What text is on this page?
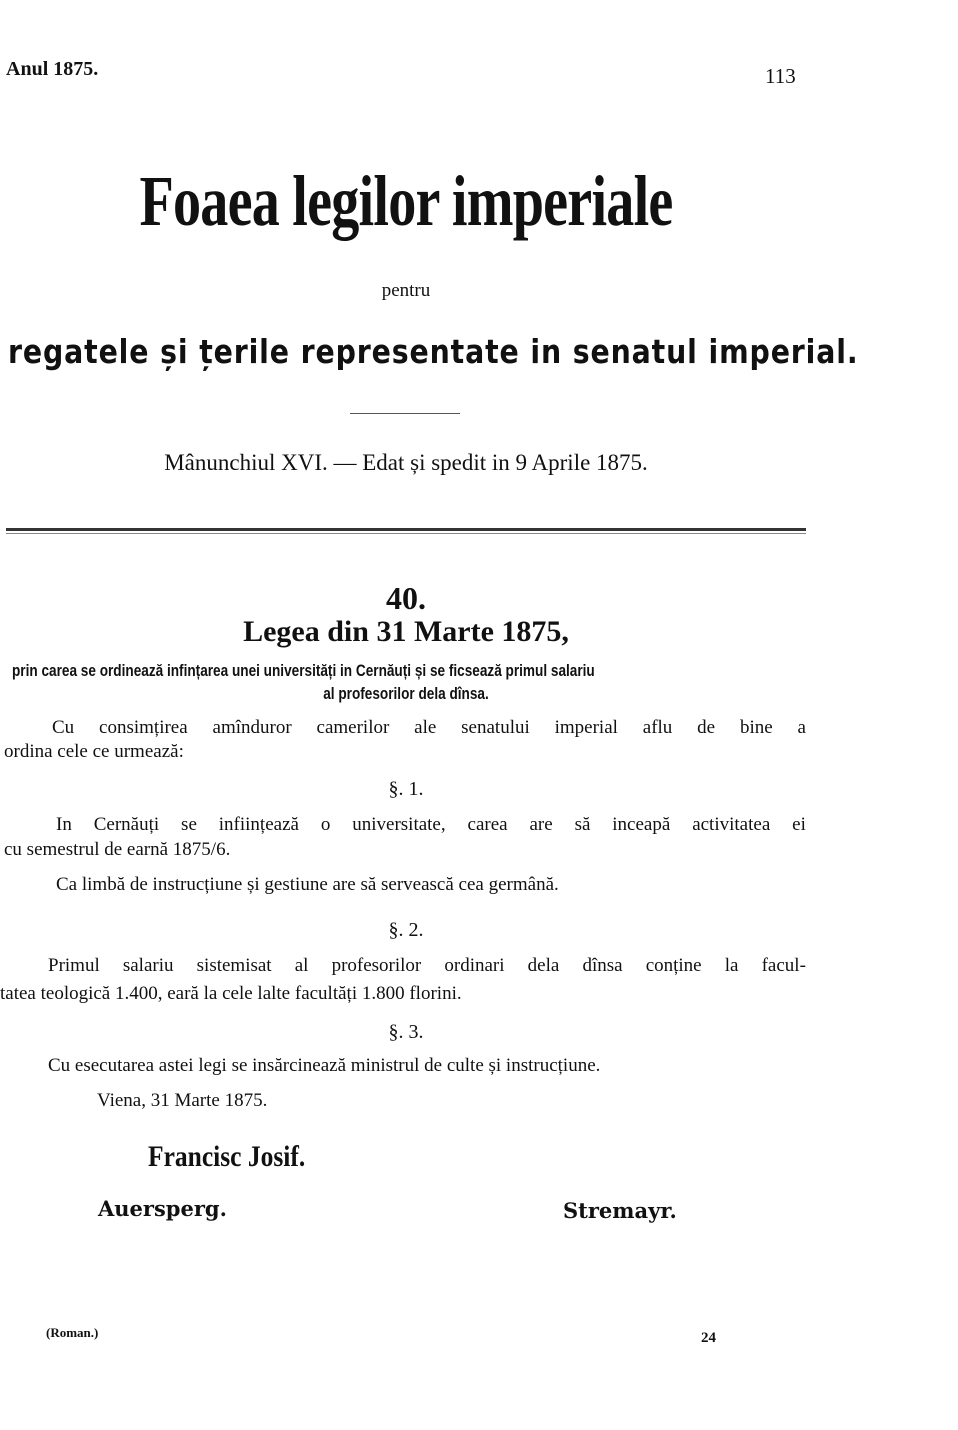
Anul 1875.	113
Foaea legilor imperiale
pentru
regatele și țerile representate in senatul imperial.
Mânunchiul XVI. — Edat și spedit in 9 Aprile 1875.
40.
Legea din 31 Marte 1875,
prin carea se ordinează infințarea unei universități in Cernăuți și se ficsează primul salariu
al profesorilor dela dînsa.
Cu consimțirea amînduror camerilor ale senatului imperial aflu de bine a
ordina cele ce urmează:
§. 1.
In Cernăuți se inființează o universitate, carea are să inceapă activitatea ei
cu semestrul de earnă 1875/6.
Ca limbă de instrucțiune și gestiune are să servească cea germână.
§. 2.
Primul salariu sistemisat al profesorilor ordinari dela dînsa conține la facul-
tatea teologică 1.400, eară la cele lalte facultăți 1.800 florini.
§. 3.
Cu esecutarea astei legi se insărcinează ministrul de culte și instrucțiune.
Viena, 31 Marte 1875.
Francisc Josif.
Auersperg.	Stremayr.
(Roman.)	24
